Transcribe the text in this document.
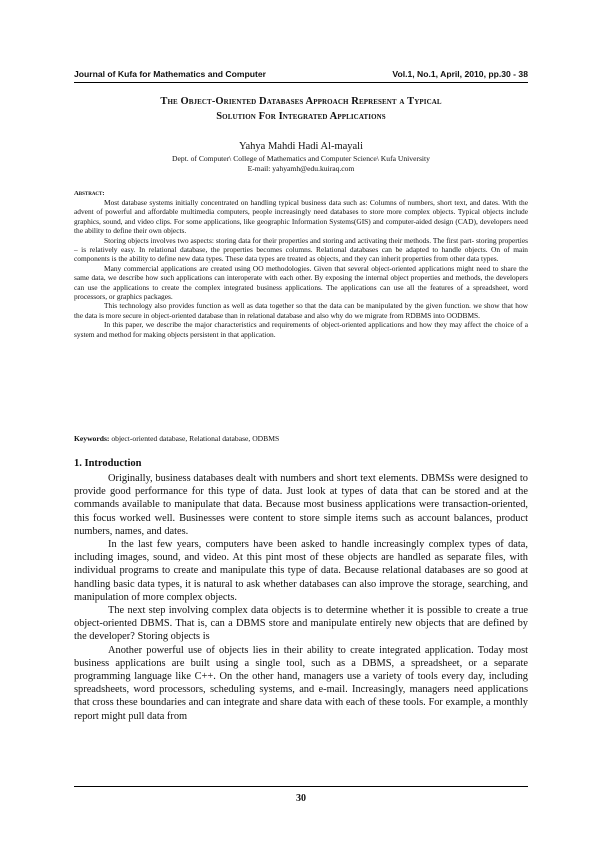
Journal of Kufa for Mathematics and Computer	Vol.1, No.1, April, 2010, pp.30 - 38
The Object-Oriented Databases Approach Represent a Typical
Solution For Integrated Applications
Yahya Mahdi Hadi Al-mayali
Dept. of Computer\ College of Mathematics and Computer Science\ Kufa University
E-mail: yahyamh@edu.kuiraq.com
Abstract:

Most database systems initially concentrated on handling typical business data such as: Columns of numbers, short text, and dates. With the advent of powerful and affordable multimedia computers, people increasingly need databases to store more complex objects. Typical objects include graphics, sound, and video clips. For some applications, like geographic Information Systems(GIS) and computer-aided design (CAD), developers need the ability to define their own objects.

Storing objects involves two aspects: storing data for their properties and storing and activating their methods. The first part- storing properties – is relatively easy. In relational database, the properties becomes columns. Relational databases can be adapted to handle objects. On of main components is the ability to define new data types. These data types are treated as objects, and they can inherit properties from other data types.

Many commercial applications are created using OO methodologies. Given that several object-oriented applications might need to share the same data, we describe how such applications can interoperate with each other. By exposing the internal object properties and methods, the developers can use the applications to create the complex integrated business applications. The applications can use all the features of a spreadsheet, word processors, or graphics packages.

This technology also provides function as well as data together so that the data can be manipulated by the given function. we show that how the data is more secure in object-oriented database than in relational database and also why do we migrate from RDBMS into OODBMS.

In this paper, we describe the major characteristics and requirements of object-oriented applications and how they may affect the choice of a system and method for making objects persistent in that application.

Keywords: object-oriented database, Relational database, ODBMS
1. Introduction

Originally, business databases dealt with numbers and short text elements. DBMSs were designed to provide good performance for this type of data. Just look at types of data that can be stored and at the commands available to manipulate that data. Because most business applications were transaction-oriented, this focus worked well. Businesses were content to store simple items such as account balances, product numbers, names, and dates.

In the last few years, computers have been asked to handle increasingly complex types of data, including images, sound, and video. At this pint most of these objects are handled as separate files, with individual programs to create and manipulate this type of data. Because relational databases are so good at handling basic data types, it is natural to ask whether databases can also improve the storage, searching, and manipulation of more complex objects.

The next step involving complex data objects is to determine whether it is possible to create a true object-oriented DBMS. That is, can a DBMS store and manipulate entirely new objects that are defined by the developer? Storing objects is

Another powerful use of objects lies in their ability to create integrated application. Today most business applications are built using a single tool, such as a DBMS, a spreadsheet, or a separate programming language like C++. On the other hand, managers use a variety of tools every day, including spreadsheets, word processors, scheduling systems, and e-mail. Increasingly, managers need applications that cross these boundaries and can integrate and share data with each of these tools. For example, a monthly report might pull data from

30
